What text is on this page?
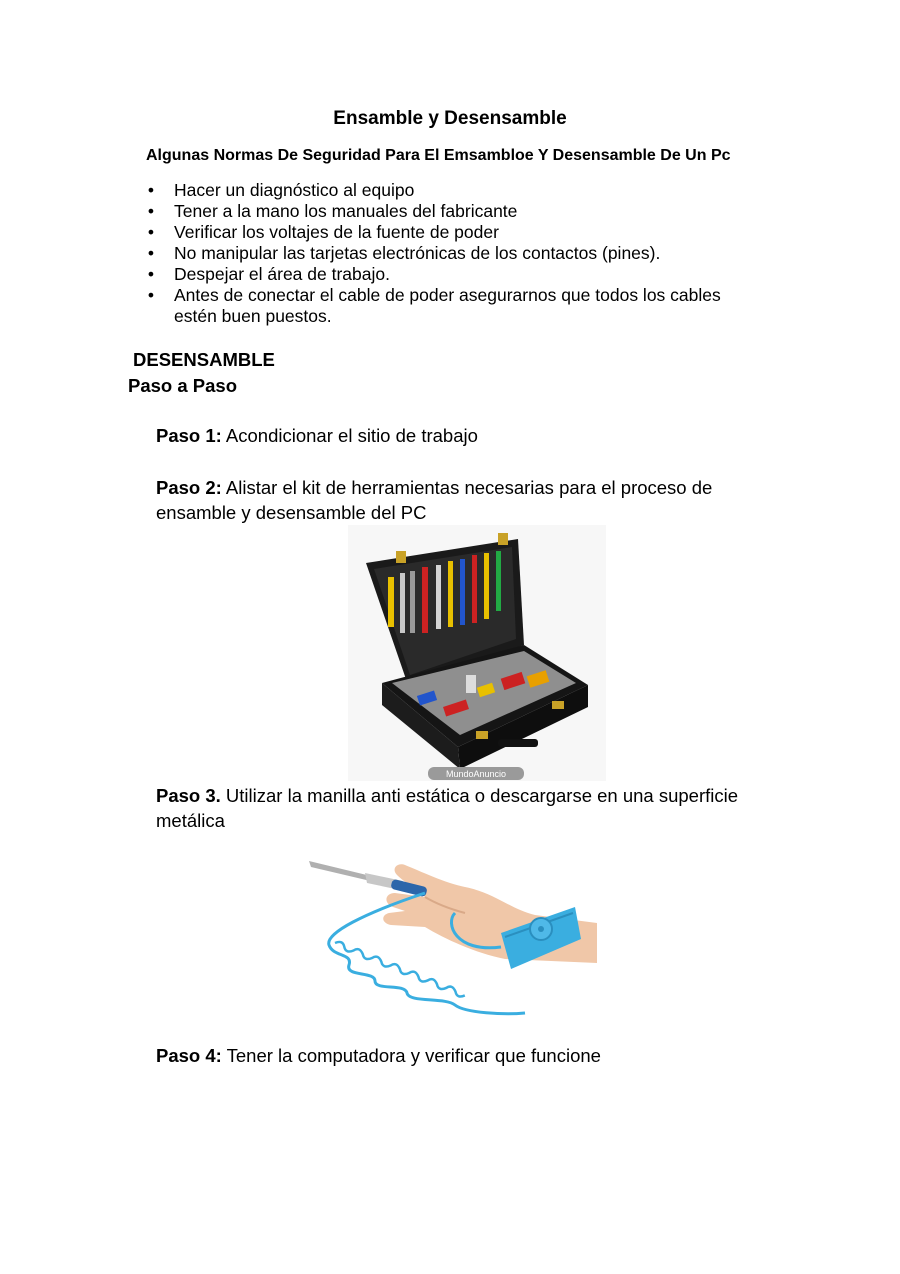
Ensamble y Desensamble
Algunas Normas De Seguridad Para El Emsambloe Y Desensamble De Un Pc
• Hacer un diagnóstico al equipo
• Tener a la mano los manuales del fabricante
• Verificar los voltajes de la fuente de poder
• No manipular las tarjetas electrónicas de los contactos (pines).
• Despejar el área de trabajo.
• Antes de conectar el cable de poder asegurarnos que todos los cables estén buen puestos.
DESENSAMBLE
Paso a Paso
Paso 1: Acondicionar el sitio de trabajo
Paso 2: Alistar el kit de herramientas necesarias para el proceso de ensamble y desensamble del PC
MundoAnuncio
Paso 3. Utilizar la manilla anti estática o descargarse en una superficie metálica
Paso 4: Tener la computadora y verificar que funcione
